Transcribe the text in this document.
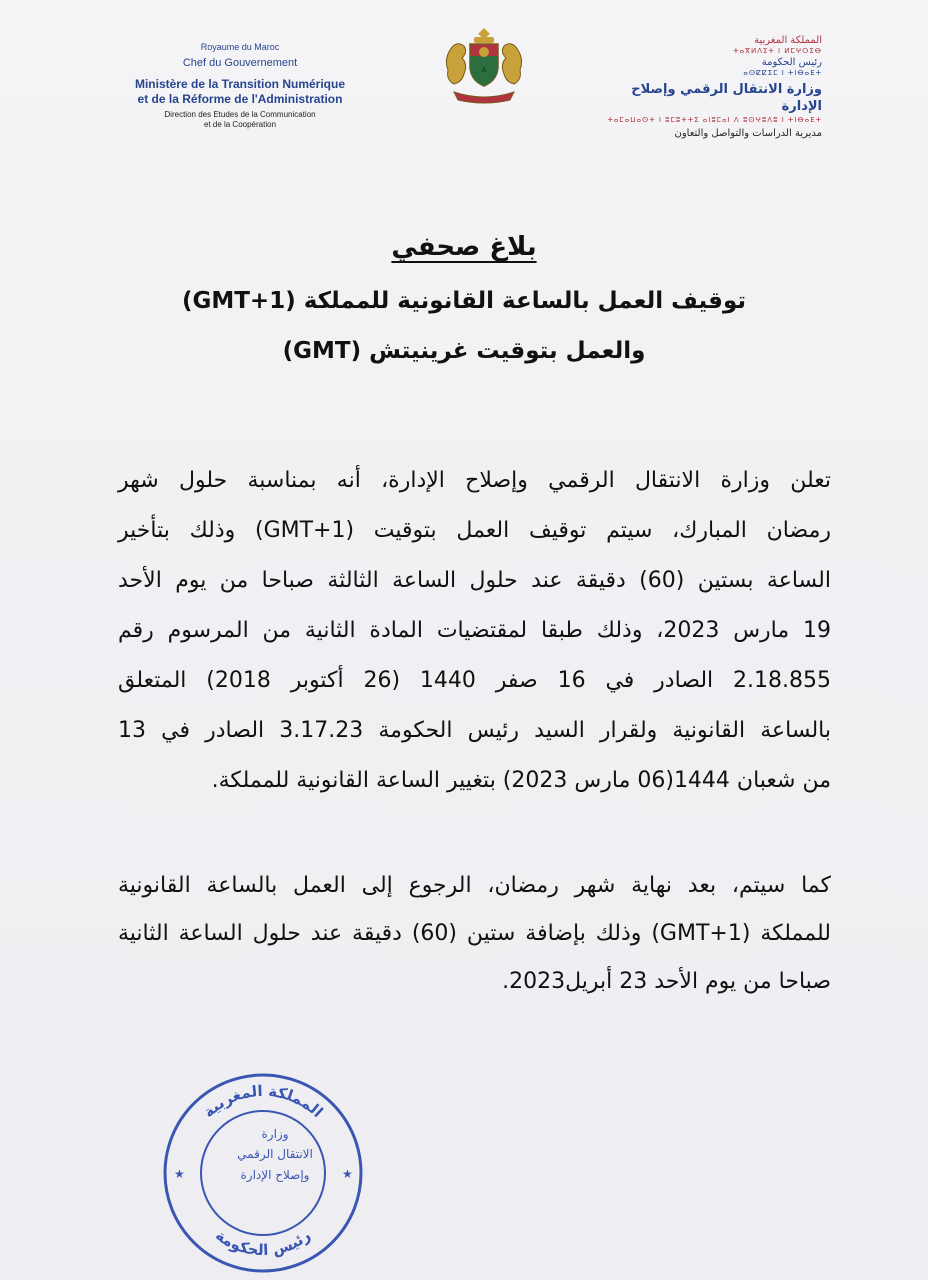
Royaume du Maroc
Chef du Gouvernement
Ministère de la Transition Numérique
et de la Réforme de l'Administration
Direction des Etudes de la Communication
et de la Coopération
المملكة المغربية
ⵜⴰⴳⵍⴷⵉⵜ ⵏ ⵍⵎⵖⵔⵉⴱ
رئيس الحكومة
ⴰⵙⵇⵇⵉⵎ ⵏ ⵜⵏⴱⴰⴹⵜ
وزارة الانتقال الرقمي وإصلاح الإدارة
ⵜⴰⵎⴰⵡⴰⵙⵜ ⵏ ⵓⵎⵓⵜⵜⵉ ⴰⵏⵓⵎⴰⵏ ⴷ ⵓⵙⵖⵓⴷⵓ ⵏ ⵜⵏⴱⴰⴹⵜ
مديرية الدراسات والتواصل والتعاون
بلاغ صحفي
توقيف العمل بالساعة القانونية للمملكة (GMT+1)
والعمل بتوقيت غرينيتش (GMT)
تعلن وزارة الانتقال الرقمي وإصلاح الإدارة، أنه بمناسبة حلول شهر
رمضان المبارك، سيتم توقيف العمل بتوقيت (GMT+1) وذلك بتأخير
الساعة بستين (60) دقيقة عند حلول الساعة الثالثة صباحا من يوم الأحد
19 مارس 2023، وذلك طبقا لمقتضيات المادة الثانية من المرسوم رقم
2.18.855 الصادر في 16 صفر 1440 (26 أكتوبر 2018) المتعلق
بالساعة القانونية ولقرار السيد رئيس الحكومة 3.17.23 الصادر في 13
من شعبان 1444(06 مارس 2023) بتغيير الساعة القانونية للمملكة.
كما سيتم، بعد نهاية شهر رمضان، الرجوع إلى العمل بالساعة القانونية
للمملكة (GMT+1) وذلك بإضافة ستين (60) دقيقة عند حلول الساعة الثانية
صباحا من يوم الأحد 23 أبريل2023.
★	★
المملكة المغربية
رئيس الحكومة
وزارة
الانتقال الرقمي
وإصلاح الإدارة
